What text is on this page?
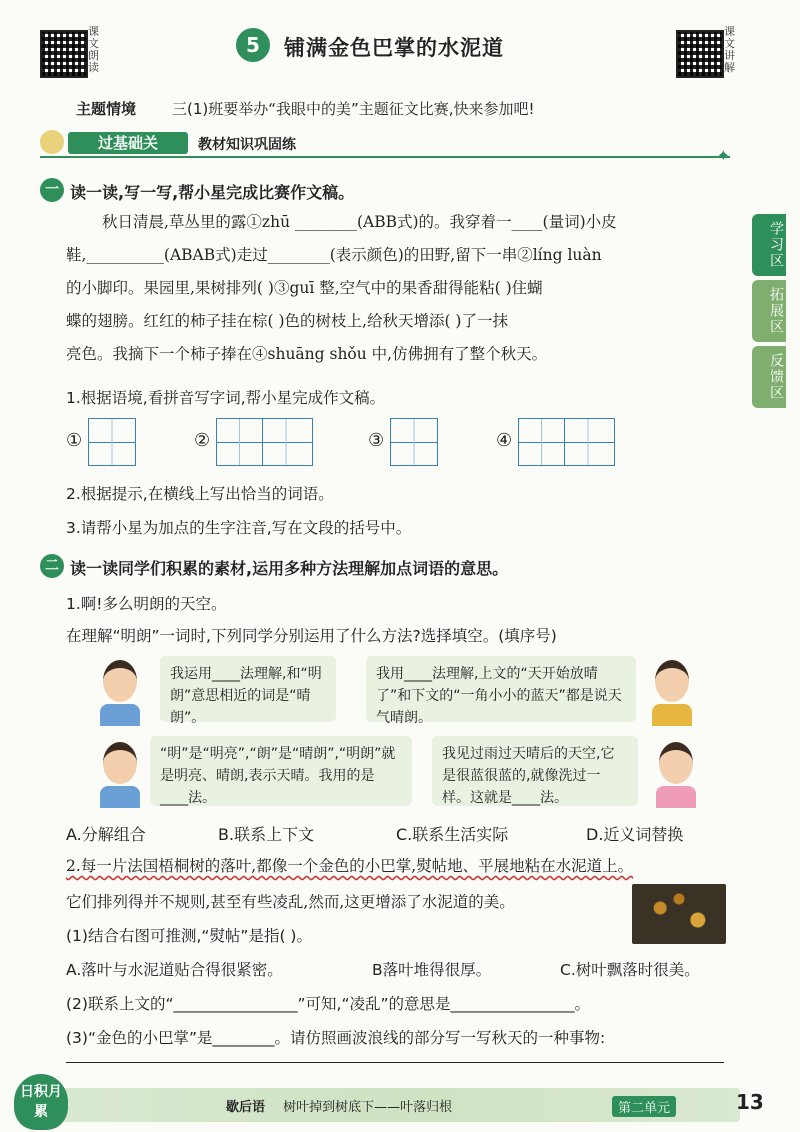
课文朗读
5	铺满金色巴掌的水泥道
课文讲解
主题情境 三(1)班要举办“我眼中的美”主题征文比赛,快来参加吧!
过基础关	教材知识巩固练
✦
学习区
拓展区
反馈区
一 读一读,写一写,帮小星完成比赛作文稿。
秋日清晨,草丛里的露①zhū ________(ABB式)的。我穿着一____(量词)小皮
鞋,__________(ABAB式)走过________(表示颜色)的田野,留下一串②líng luàn
的小脚印。果园里,果树排列( )③guī 整,空气中的果香甜得能粘( )住蝴
蝶的翅膀。红红的柿子挂在棕( )色的树枝上,给秋天增添( )了一抹
亮色。我摘下一个柿子捧在④shuāng shǒu 中,仿佛拥有了整个秋天。
1.根据语境,看拼音写字词,帮小星完成作文稿。
①	②	③	④
2.根据提示,在横线上写出恰当的词语。
3.请帮小星为加点的生字注音,写在文段的括号中。
二 读一读同学们积累的素材,运用多种方法理解加点词语的意思。
1.啊!多么明朗的天空。
在理解“明朗”一词时,下列同学分别运用了什么方法?选择填空。(填序号)
我运用____法理解,和“明朗”意思相近的词是“晴朗”。
我用____法理解,上文的“天开始放晴了”和下文的“一角小小的蓝天”都是说天气晴朗。
“明”是“明亮”,“朗”是“晴朗”,“明朗”就是明亮、晴朗,表示天晴。我用的是____法。
我见过雨过天晴后的天空,它是很蓝很蓝的,就像洗过一样。这就是____法。
A.分解组合	B.联系上下文	C.联系生活实际	D.近义词替换
2.每一片法国梧桐树的落叶,都像一个金色的小巴掌,熨帖地、平展地粘在水泥道上。
它们排列得并不规则,甚至有些凌乱,然而,这更增添了水泥道的美。
(1)结合右图可推测,“熨帖”是指( )。
A.落叶与水泥道贴合得很紧密。	B落叶堆得很厚。	C.树叶飘落时很美。
(2)联系上文的“________________”可知,“凌乱”的意思是________________。
(3)“金色的小巴掌”是________。请仿照画波浪线的部分写一写秋天的一种事物:
日积月累	歇后语 树叶掉到树底下——叶落归根	第二单元	13
